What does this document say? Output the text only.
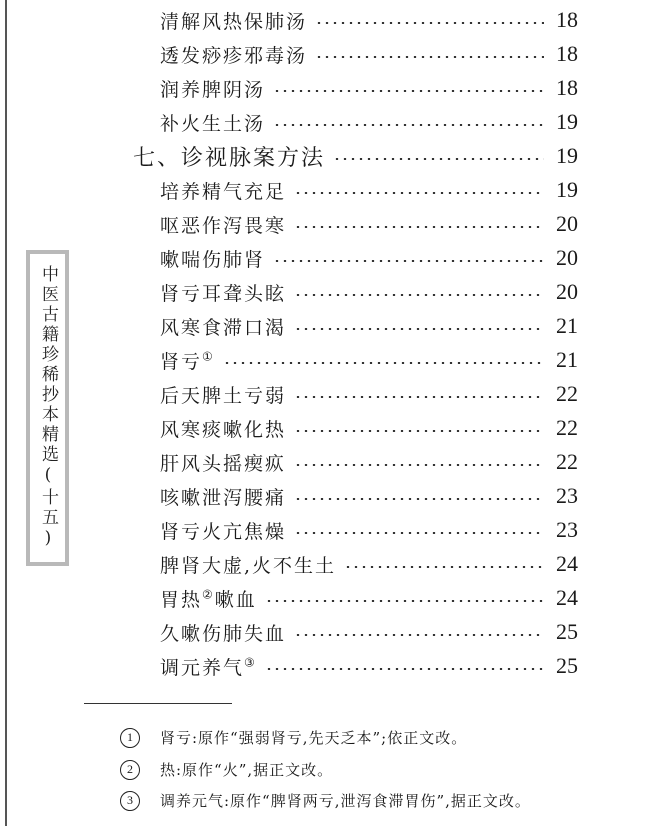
中医古籍珍稀抄本精选(十五)
清解风热保肺汤	18
透发痧疹邪毒汤	18
润养脾阴汤	18
补火生土汤	19
七、诊视脉案方法	19
培养精气充足	19
呕恶作泻畏寒	20
嗽喘伤肺肾	20
肾亏耳聋头眩	20
风寒食滞口渴	21
肾亏①	21
后天脾土亏弱	22
风寒痰嗽化热	22
肝风头摇瘈疭	22
咳嗽泄泻腰痛	23
肾亏火亢焦燥	23
脾肾大虚,火不生土	24
胃热②嗽血	24
久嗽伤肺失血	25
调元养气③	25
1	肾亏:原作“强弱肾亏,先天乏本”;依正文改。
2	热:原作“火”,据正文改。
3	调养元气:原作“脾肾两亏,泄泻食滞胃伤”,据正文改。
